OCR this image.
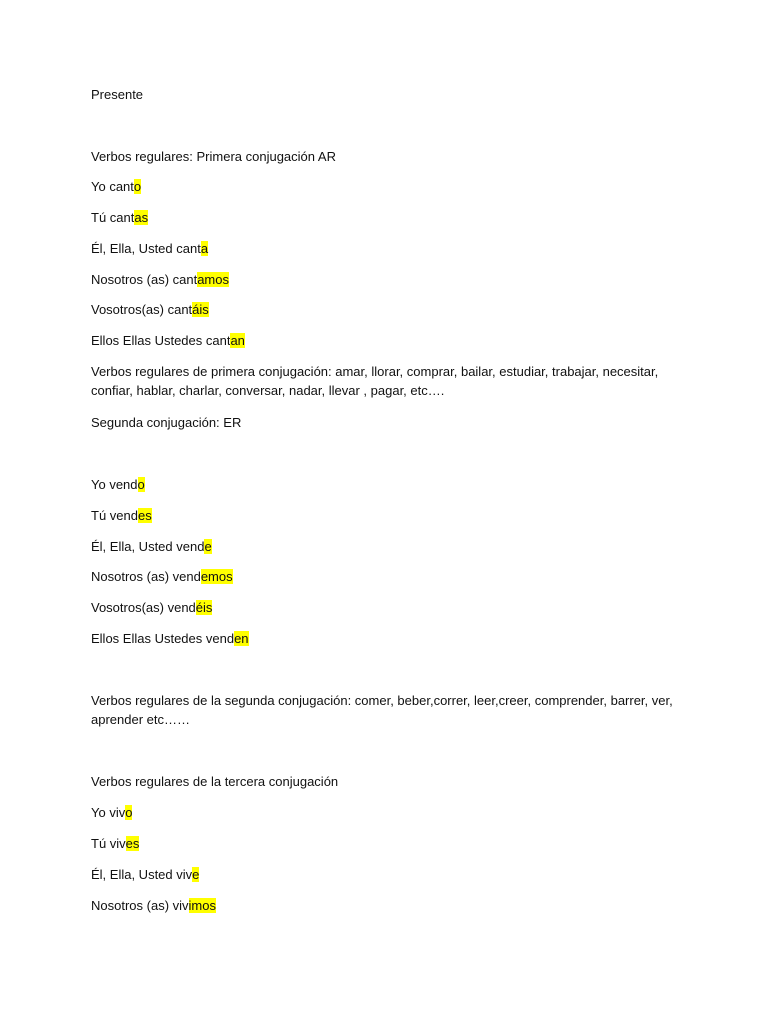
Presente
Verbos regulares: Primera conjugación AR
Yo canto
Tú cantas
Él, Ella, Usted canta
Nosotros (as) cantamos
Vosotros(as) cantáis
Ellos Ellas Ustedes cantan
Verbos regulares de primera conjugación: amar, llorar, comprar, bailar, estudiar, trabajar, necesitar, confiar, hablar, charlar, conversar, nadar, llevar , pagar, etc….
Segunda conjugación: ER
Yo vendo
Tú vendes
Él, Ella, Usted vende
Nosotros (as) vendemos
Vosotros(as) vendéis
Ellos Ellas Ustedes venden
Verbos regulares de la segunda conjugación: comer, beber,correr, leer,creer, comprender, barrer, ver, aprender etc……
Verbos regulares de la tercera conjugación
Yo vivo
Tú vives
Él, Ella, Usted vive
Nosotros (as) vivimos
